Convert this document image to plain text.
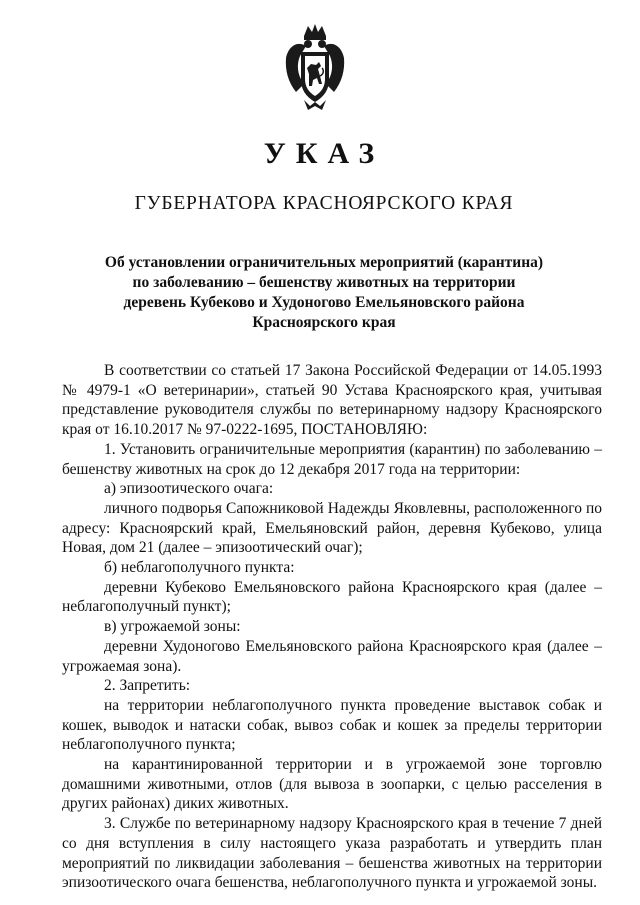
УКАЗ
ГУБЕРНАТОРА КРАСНОЯРСКОГО КРАЯ
Об установлении ограничительных мероприятий (карантина)
по заболеванию – бешенству животных на территории
деревень Кубеково и Худоногово Емельяновского района
Красноярского края
В соответствии со статьей 17 Закона Российской Федерации от 14.05.1993 № 4979-1 «О ветеринарии», статьей 90 Устава Красноярского края, учитывая представление руководителя службы по ветеринарному надзору Красноярского края от 16.10.2017 № 97-0222-1695, ПОСТАНОВЛЯЮ:
1. Установить ограничительные мероприятия (карантин) по заболеванию – бешенству животных на срок до 12 декабря 2017 года на территории:
а) эпизоотического очага:
личного подворья Сапожниковой Надежды Яковлевны, расположенного по адресу: Красноярский край, Емельяновский район, деревня Кубеково, улица Новая, дом 21 (далее – эпизоотический очаг);
б) неблагополучного пункта:
деревни Кубеково Емельяновского района Красноярского края (далее – неблагополучный пункт);
в) угрожаемой зоны:
деревни Худоногово Емельяновского района Красноярского края (далее – угрожаемая зона).
2. Запретить:
на территории неблагополучного пункта проведение выставок собак и кошек, выводок и натаски собак, вывоз собак и кошек за пределы территории неблагополучного пункта;
на карантинированной территории и в угрожаемой зоне торговлю домашними животными, отлов (для вывоза в зоопарки, с целью расселения в других районах) диких животных.
3. Службе по ветеринарному надзору Красноярского края в течение 7 дней со дня вступления в силу настоящего указа разработать и утвердить план мероприятий по ликвидации заболевания – бешенства животных на территории эпизоотического очага бешенства, неблагополучного пункта и угрожаемой зоны.
